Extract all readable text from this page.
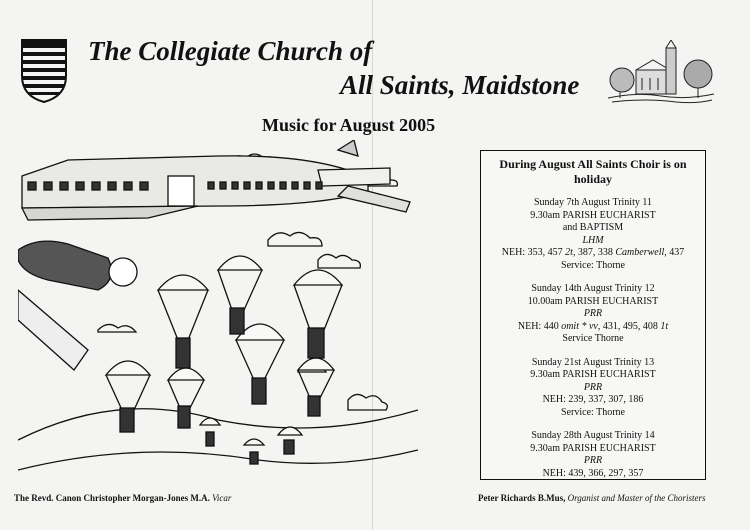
The Collegiate Church of
All Saints, Maidstone
Music for August 2005
During August All Saints Choir is on holiday
Sunday 7th August Trinity 11
9.30am PARISH EUCHARIST
and BAPTISM
LHM
NEH: 353, 457 2t, 387, 338 Camberwell, 437
Service: Thorne
Sunday 14th August Trinity 12
10.00am PARISH EUCHARIST
PRR
NEH: 440 omit * vv, 431, 495, 408 1t
Service Thorne
Sunday 21st August Trinity 13
9.30am PARISH EUCHARIST
PRR
NEH: 239, 337, 307, 186
Service: Thorne
Sunday 28th August Trinity 14
9.30am PARISH EUCHARIST
PRR
NEH: 439, 366, 297, 357
The Revd. Canon Christopher Morgan-Jones M.A. Vicar	Peter Richards B.Mus, Organist and Master of the Choristers
